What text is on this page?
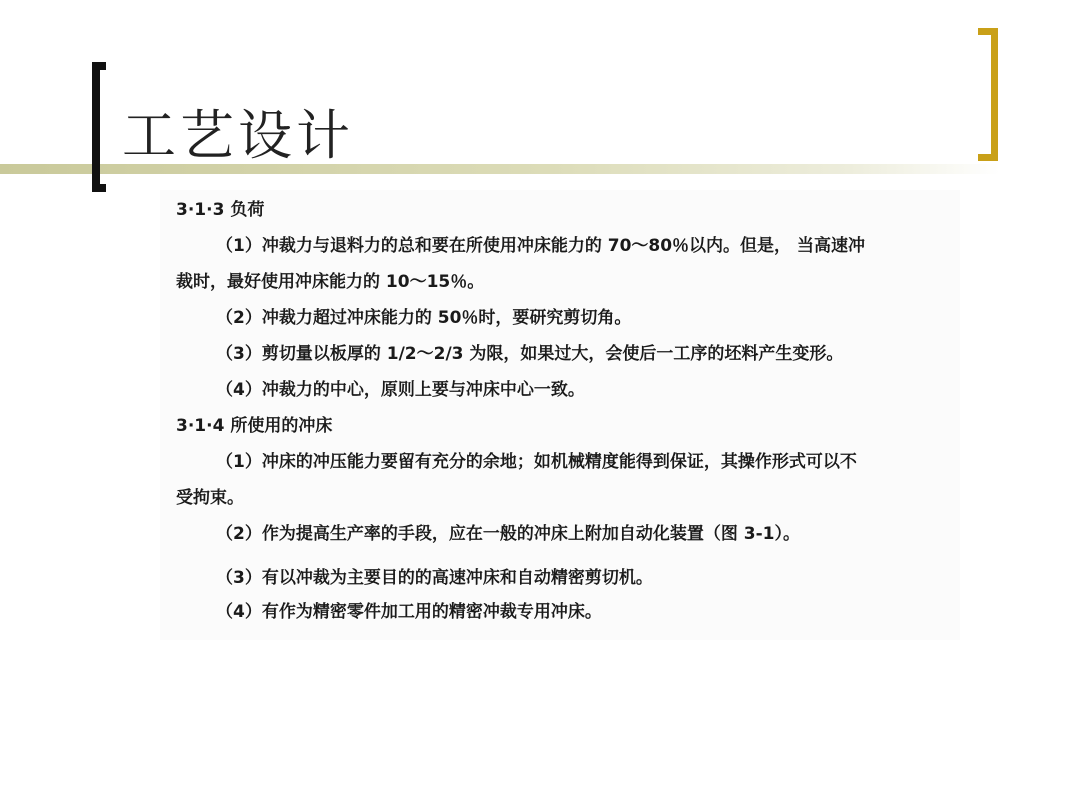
工艺设计
3·1·3 负荷
（1）冲裁力与退料力的总和要在所使用冲床能力的 70～80％以内。但是， 当高速冲
裁时，最好使用冲床能力的 10～15％。
（2）冲裁力超过冲床能力的 50％时，要研究剪切角。
（3）剪切量以板厚的 1/2～2/3 为限，如果过大，会使后一工序的坯料产生变形。
（4）冲裁力的中心，原则上要与冲床中心一致。
3·1·4 所使用的冲床
（1）冲床的冲压能力要留有充分的余地；如机械精度能得到保证，其操作形式可以不
受拘束。
（2）作为提高生产率的手段，应在一般的冲床上附加自动化装置（图 3-1）。
（3）有以冲裁为主要目的的高速冲床和自动精密剪切机。
（4）有作为精密零件加工用的精密冲裁专用冲床。
